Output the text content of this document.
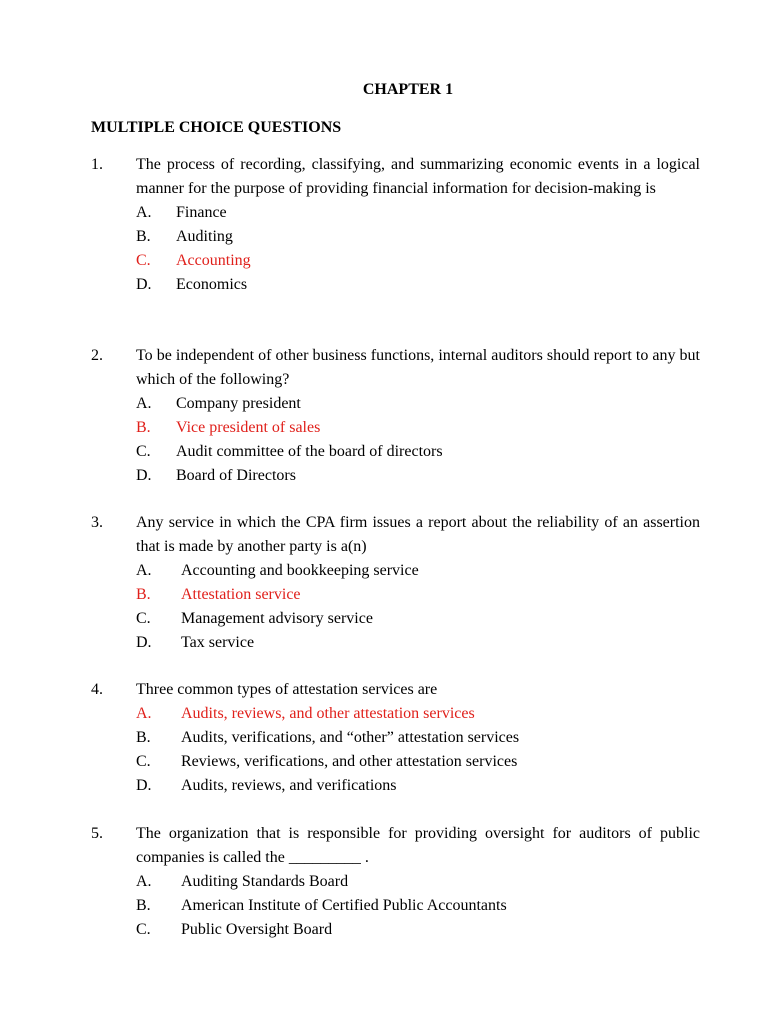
CHAPTER 1
MULTIPLE CHOICE QUESTIONS
1. The process of recording, classifying, and summarizing economic events in a logical manner for the purpose of providing financial information for decision-making is
A.	Finance
B.	Auditing
C.	Accounting
D.	Economics
2. To be independent of other business functions, internal auditors should report to any but which of the following?
A.	Company president
B.	Vice president of sales
C.	Audit committee of the board of directors
D.	Board of Directors
3. Any service in which the CPA firm issues a report about the reliability of an assertion that is made by another party is a(n)
A.	Accounting and bookkeeping service
B.	Attestation service
C.	Management advisory service
D.	Tax service
4. Three common types of attestation services are
A.	Audits, reviews, and other attestation services
B.	Audits, verifications, and “other” attestation services
C.	Reviews, verifications, and other attestation services
D.	Audits, reviews, and verifications
5. The organization that is responsible for providing oversight for auditors of public companies is called the _________ .
A.	Auditing Standards Board
B.	American Institute of Certified Public Accountants
C.	Public Oversight Board
